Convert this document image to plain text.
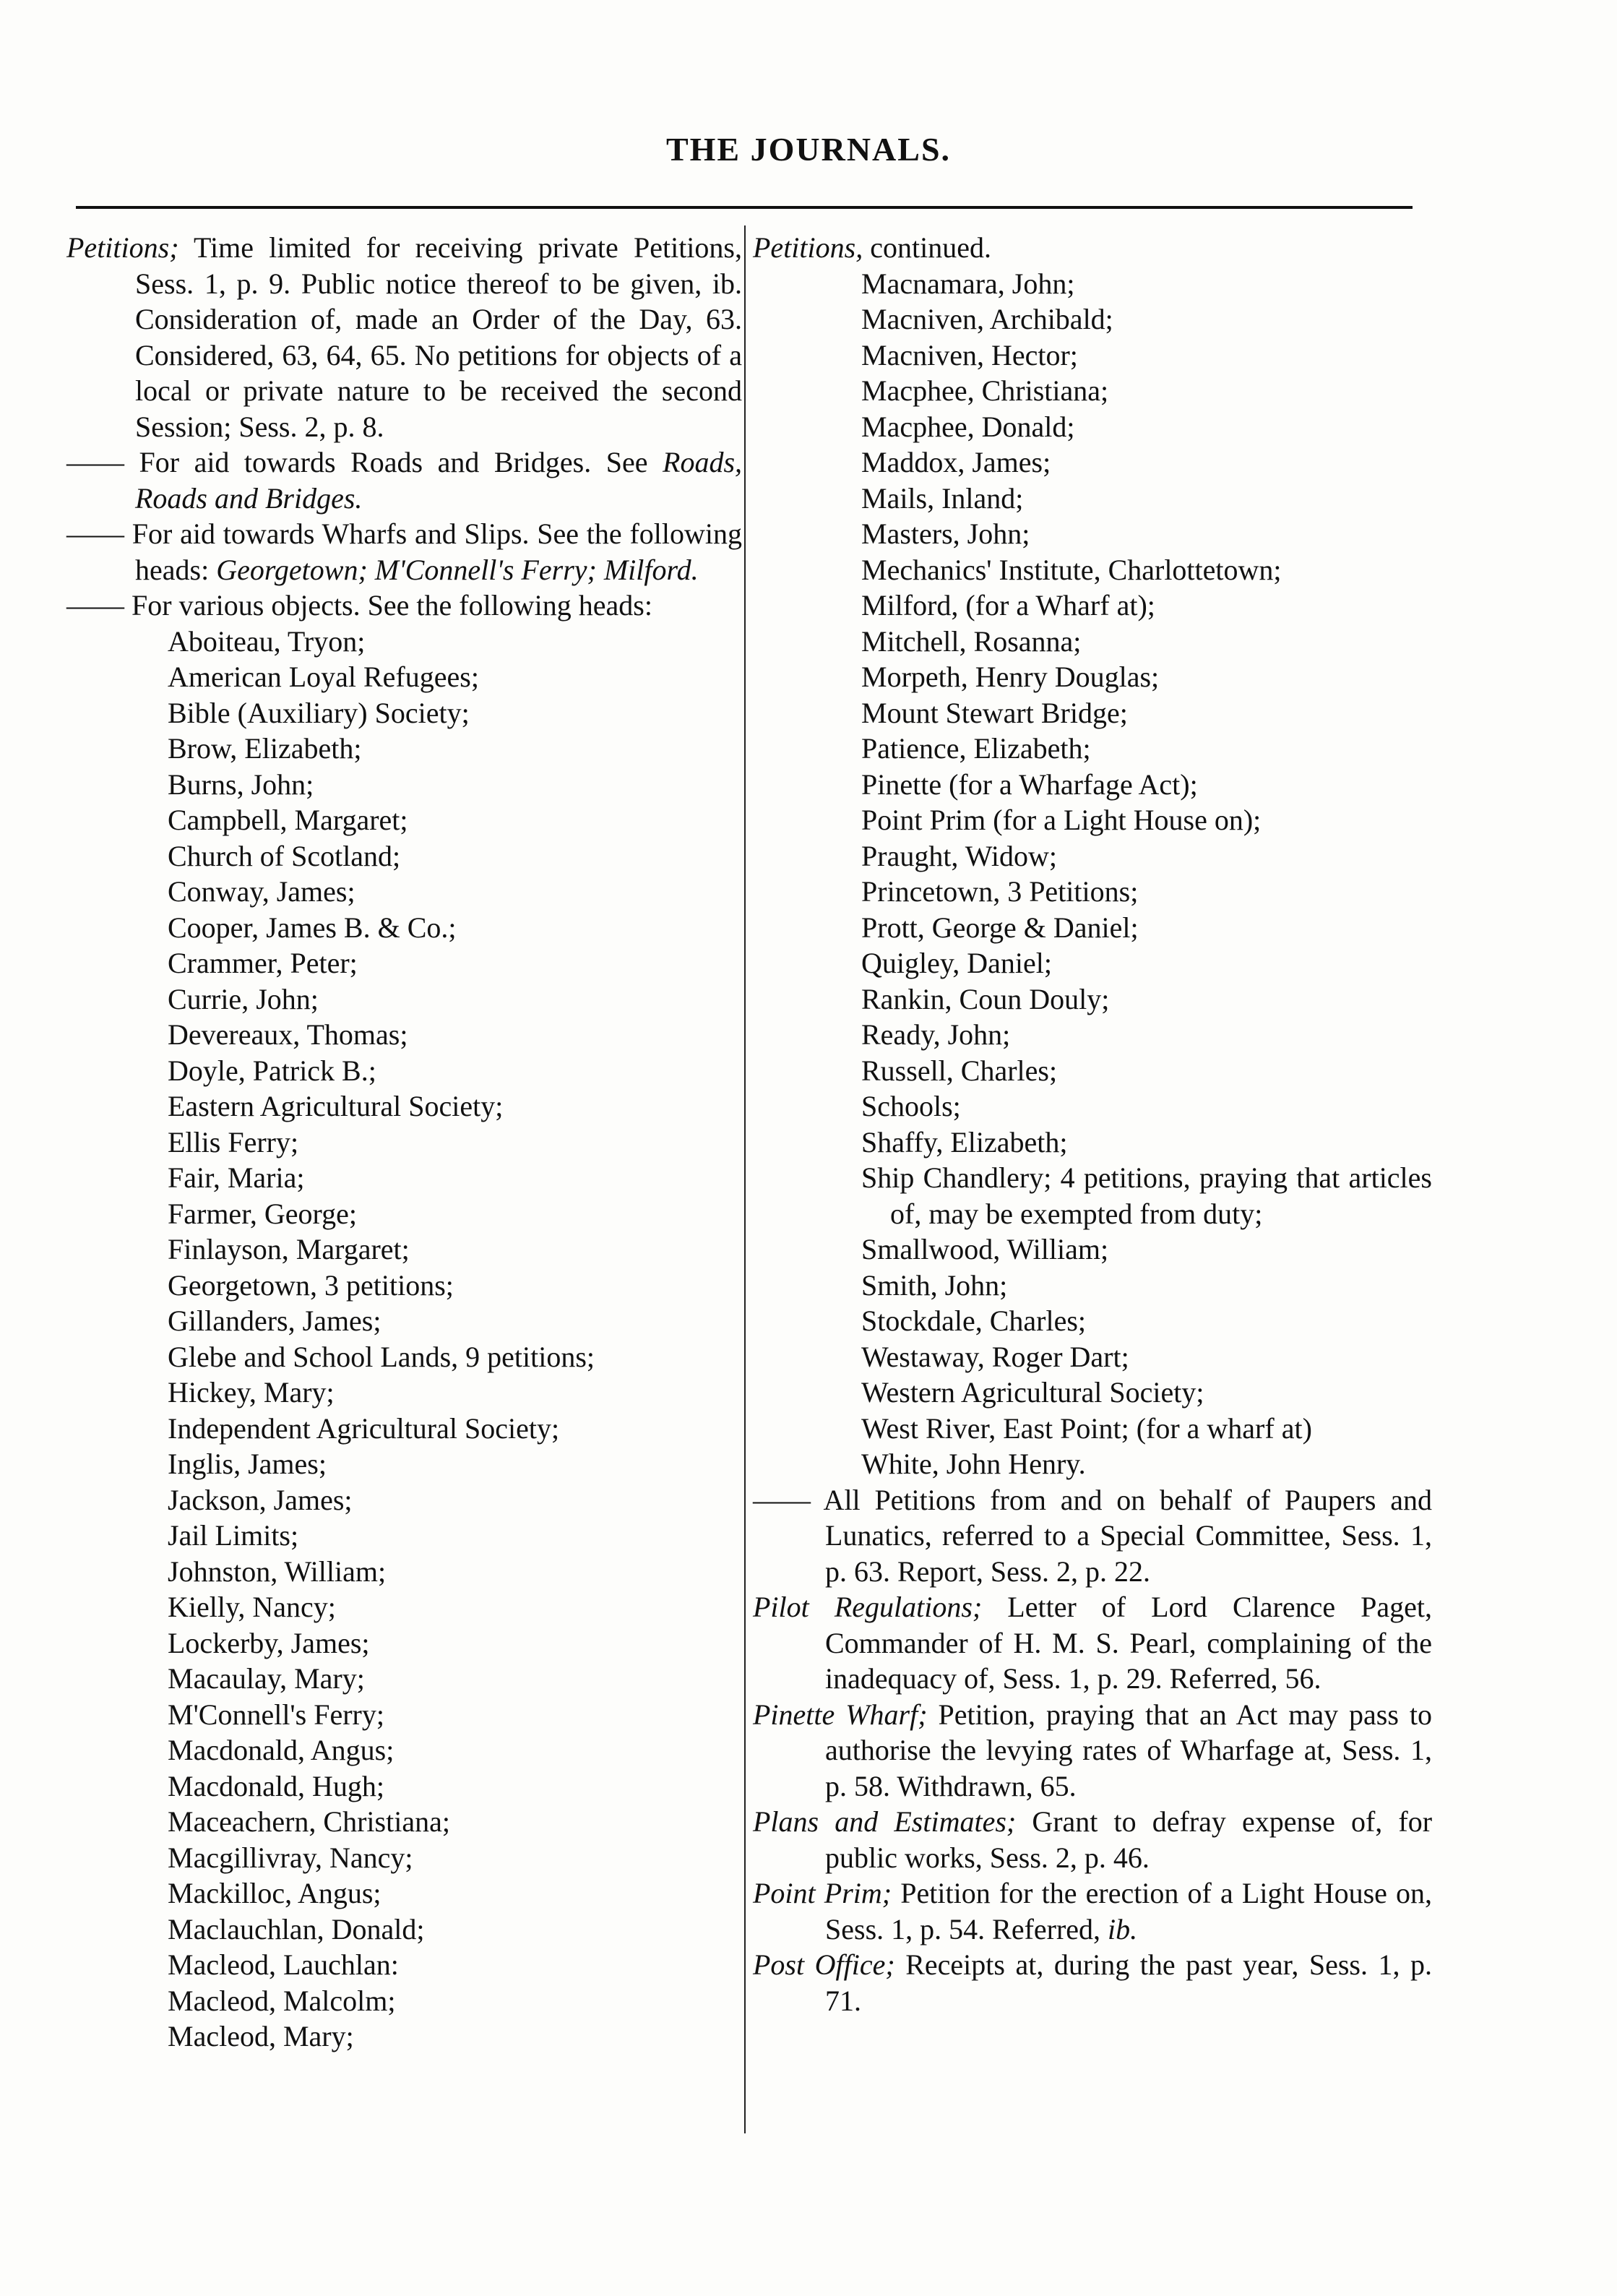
THE JOURNALS.

Petitions; Time limited for receiving private Petitions, Sess. 1, p. 9. Public notice thereof to be given, ib. Consideration of, made an Order of the Day, 63. Considered, 63, 64, 65. No petitions for objects of a local or private nature to be received the second Session; Sess. 2, p. 8.

—— For aid towards Roads and Bridges. See Roads, Roads and Bridges.

—— For aid towards Wharfs and Slips. See the following heads: Georgetown; M'Connell's Ferry; Milford.

—— For various objects. See the following heads:

Aboiteau, Tryon;
American Loyal Refugees;
Bible (Auxiliary) Society;
Brow, Elizabeth;
Burns, John;
Campbell, Margaret;
Church of Scotland;
Conway, James;
Cooper, James B. & Co.;
Crammer, Peter;
Currie, John;
Devereaux, Thomas;
Doyle, Patrick B.;
Eastern Agricultural Society;
Ellis Ferry;
Fair, Maria;
Farmer, George;
Finlayson, Margaret;
Georgetown, 3 petitions;
Gillanders, James;
Glebe and School Lands, 9 petitions;
Hickey, Mary;
Independent Agricultural Society;
Inglis, James;
Jackson, James;
Jail Limits;
Johnston, William;
Kielly, Nancy;
Lockerby, James;
Macaulay, Mary;
M'Connell's Ferry;
Macdonald, Angus;
Macdonald, Hugh;
Maceachern, Christiana;
Macgillivray, Nancy;
Mackilloc, Angus;
Maclauchlan, Donald;
Macleod, Lauchlan:
Macleod, Malcolm;
Macleod, Mary;

Petitions, continued.

Macnamara, John;
Macniven, Archibald;
Macniven, Hector;
Macphee, Christiana;
Macphee, Donald;
Maddox, James;
Mails, Inland;
Masters, John;
Mechanics' Institute, Charlottetown;
Milford, (for a Wharf at);
Mitchell, Rosanna;
Morpeth, Henry Douglas;
Mount Stewart Bridge;
Patience, Elizabeth;
Pinette (for a Wharfage Act);
Point Prim (for a Light House on);
Praught, Widow;
Princetown, 3 Petitions;
Prott, George & Daniel;
Quigley, Daniel;
Rankin, Coun Douly;
Ready, John;
Russell, Charles;
Schools;
Shaffy, Elizabeth;

Ship Chandlery; 4 petitions, praying that articles of, may be exempted from duty;

Smallwood, William;
Smith, John;
Stockdale, Charles;
Westaway, Roger Dart;
Western Agricultural Society;
West River, East Point; (for a wharf at)
White, John Henry.

—— All Petitions from and on behalf of Paupers and Lunatics, referred to a Special Committee, Sess. 1, p. 63. Report, Sess. 2, p. 22.

Pilot Regulations; Letter of Lord Clarence Paget, Commander of H. M. S. Pearl, complaining of the inadequacy of, Sess. 1, p. 29. Referred, 56.

Pinette Wharf; Petition, praying that an Act may pass to authorise the levying rates of Wharfage at, Sess. 1, p. 58. Withdrawn, 65.

Plans and Estimates; Grant to defray expense of, for public works, Sess. 2, p. 46.

Point Prim; Petition for the erection of a Light House on, Sess. 1, p. 54. Referred, ib.

Post Office; Receipts at, during the past year, Sess. 1, p. 71.
